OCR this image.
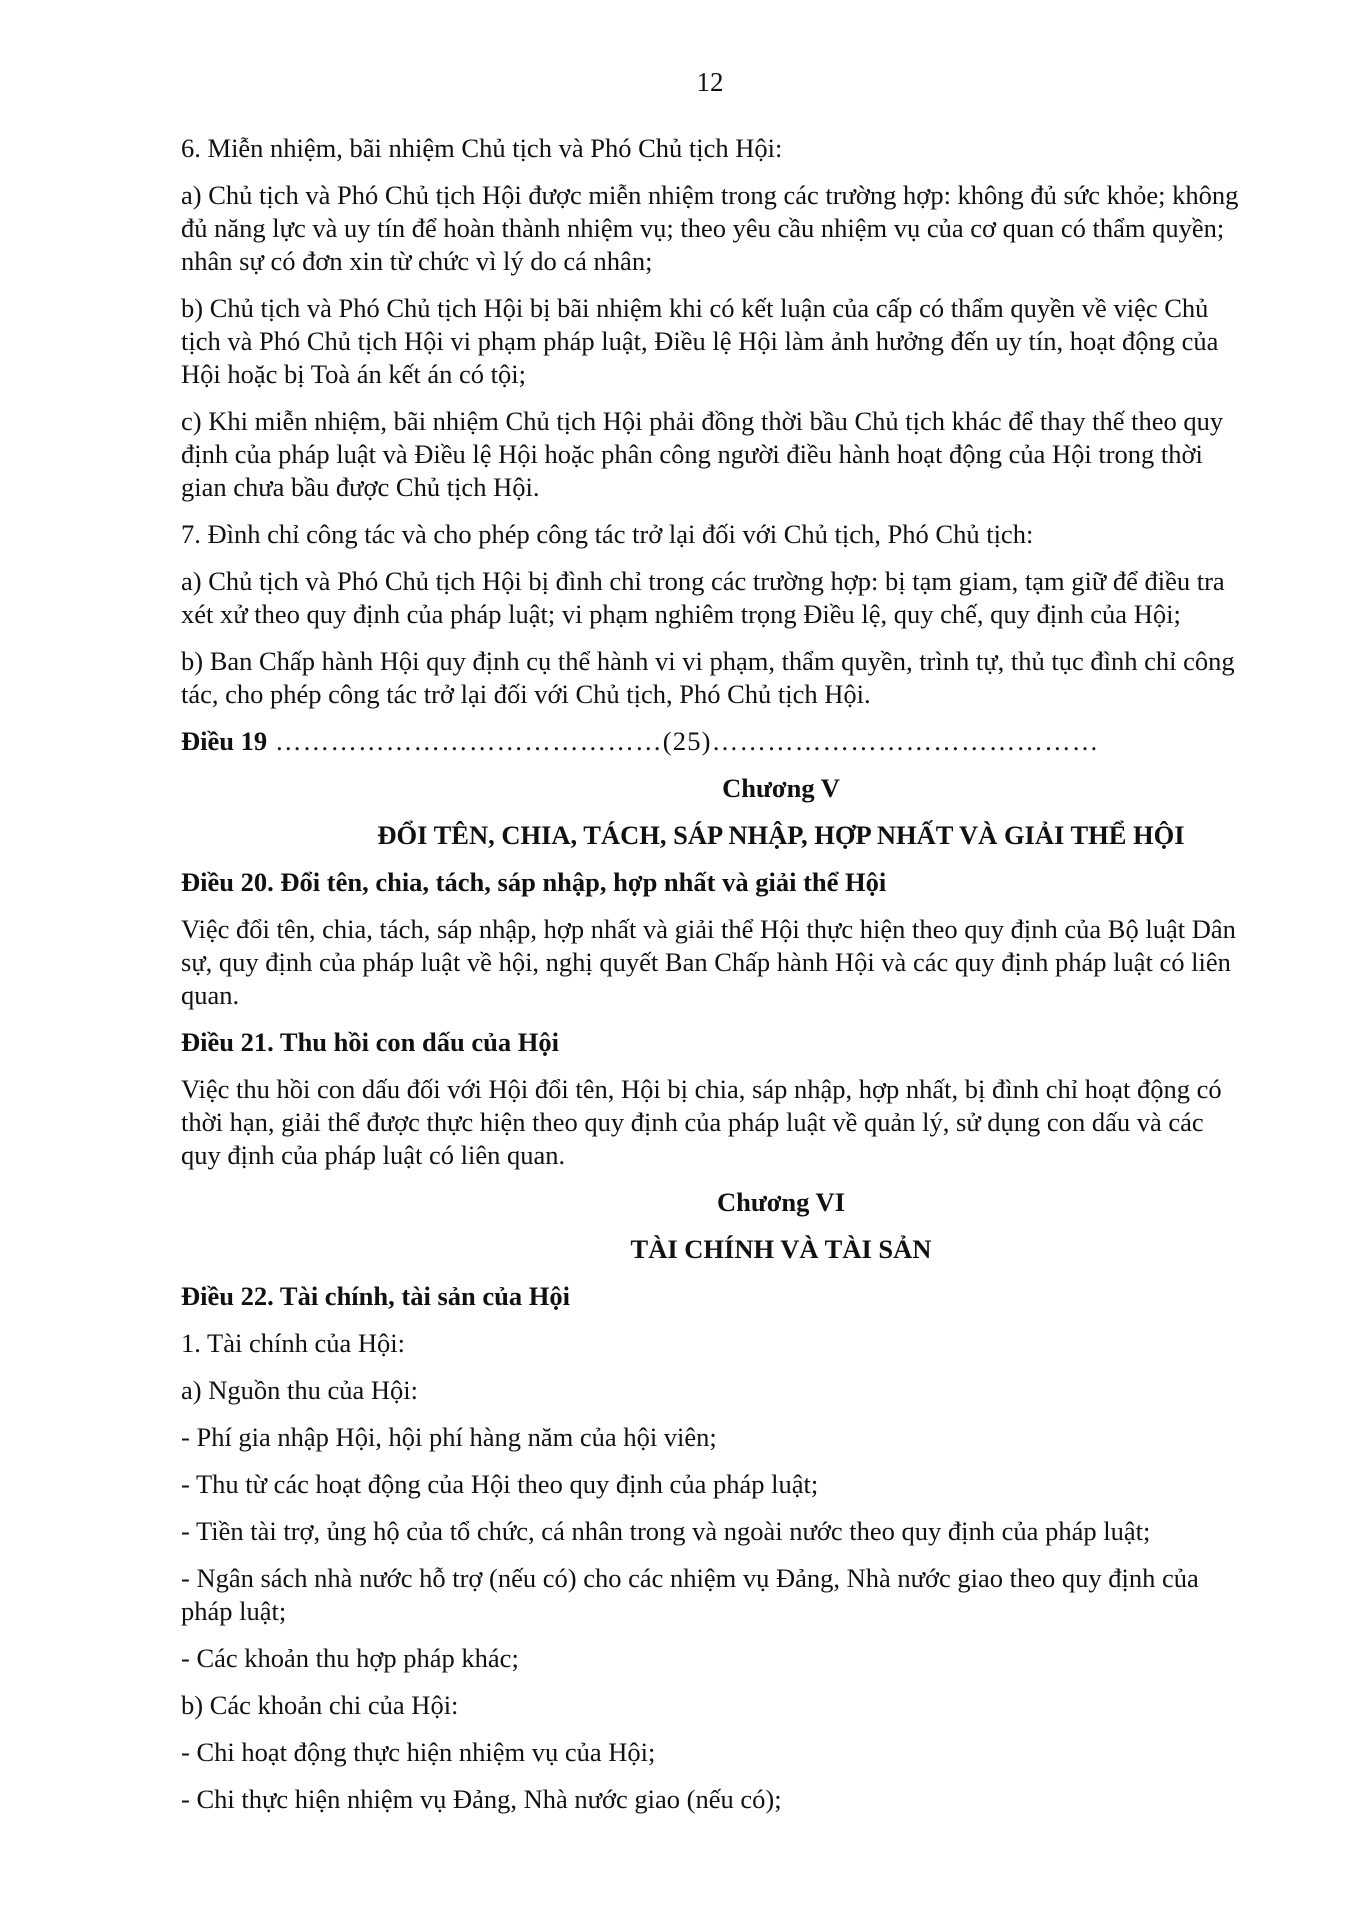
12

6. Miễn nhiệm, bãi nhiệm Chủ tịch và Phó Chủ tịch Hội:

a) Chủ tịch và Phó Chủ tịch Hội được miễn nhiệm trong các trường hợp: không đủ sức khỏe; không đủ năng lực và uy tín để hoàn thành nhiệm vụ; theo yêu cầu nhiệm vụ của cơ quan có thẩm quyền; nhân sự có đơn xin từ chức vì lý do cá nhân;

b) Chủ tịch và Phó Chủ tịch Hội bị bãi nhiệm khi có kết luận của cấp có thẩm quyền về việc Chủ tịch và Phó Chủ tịch Hội vi phạm pháp luật, Điều lệ Hội làm ảnh hưởng đến uy tín, hoạt động của Hội hoặc bị Toà án kết án có tội;

c) Khi miễn nhiệm, bãi nhiệm Chủ tịch Hội phải đồng thời bầu Chủ tịch khác để thay thế theo quy định của pháp luật và Điều lệ Hội hoặc phân công người điều hành hoạt động của Hội trong thời gian chưa bầu được Chủ tịch Hội.

7. Đình chỉ công tác và cho phép công tác trở lại đối với Chủ tịch, Phó Chủ tịch:

a) Chủ tịch và Phó Chủ tịch Hội bị đình chỉ trong các trường hợp: bị tạm giam, tạm giữ để điều tra xét xử theo quy định của pháp luật; vi phạm nghiêm trọng Điều lệ, quy chế, quy định của Hội;

b) Ban Chấp hành Hội quy định cụ thể hành vi vi phạm, thẩm quyền, trình tự, thủ tục đình chỉ công tác, cho phép công tác trở lại đối với Chủ tịch, Phó Chủ tịch Hội.

Điều 19 ……………………………………(25)……………………………………

Chương V

ĐỔI TÊN, CHIA, TÁCH, SÁP NHẬP, HỢP NHẤT VÀ GIẢI THỂ HỘI

Điều 20. Đổi tên, chia, tách, sáp nhập, hợp nhất và giải thể Hội

Việc đổi tên, chia, tách, sáp nhập, hợp nhất và giải thể Hội thực hiện theo quy định của Bộ luật Dân sự, quy định của pháp luật về hội, nghị quyết Ban Chấp hành Hội và các quy định pháp luật có liên quan.

Điều 21. Thu hồi con dấu của Hội

Việc thu hồi con dấu đối với Hội đổi tên, Hội bị chia, sáp nhập, hợp nhất, bị đình chỉ hoạt động có thời hạn, giải thể được thực hiện theo quy định của pháp luật về quản lý, sử dụng con dấu và các quy định của pháp luật có liên quan.

Chương VI

TÀI CHÍNH VÀ TÀI SẢN

Điều 22. Tài chính, tài sản của Hội

1. Tài chính của Hội:

a) Nguồn thu của Hội:

- Phí gia nhập Hội, hội phí hàng năm của hội viên;

- Thu từ các hoạt động của Hội theo quy định của pháp luật;

- Tiền tài trợ, ủng hộ của tổ chức, cá nhân trong và ngoài nước theo quy định của pháp luật;

- Ngân sách nhà nước hỗ trợ (nếu có) cho các nhiệm vụ Đảng, Nhà nước giao theo quy định của pháp luật;

- Các khoản thu hợp pháp khác;

b) Các khoản chi của Hội:

- Chi hoạt động thực hiện nhiệm vụ của Hội;

- Chi thực hiện nhiệm vụ Đảng, Nhà nước giao (nếu có);
